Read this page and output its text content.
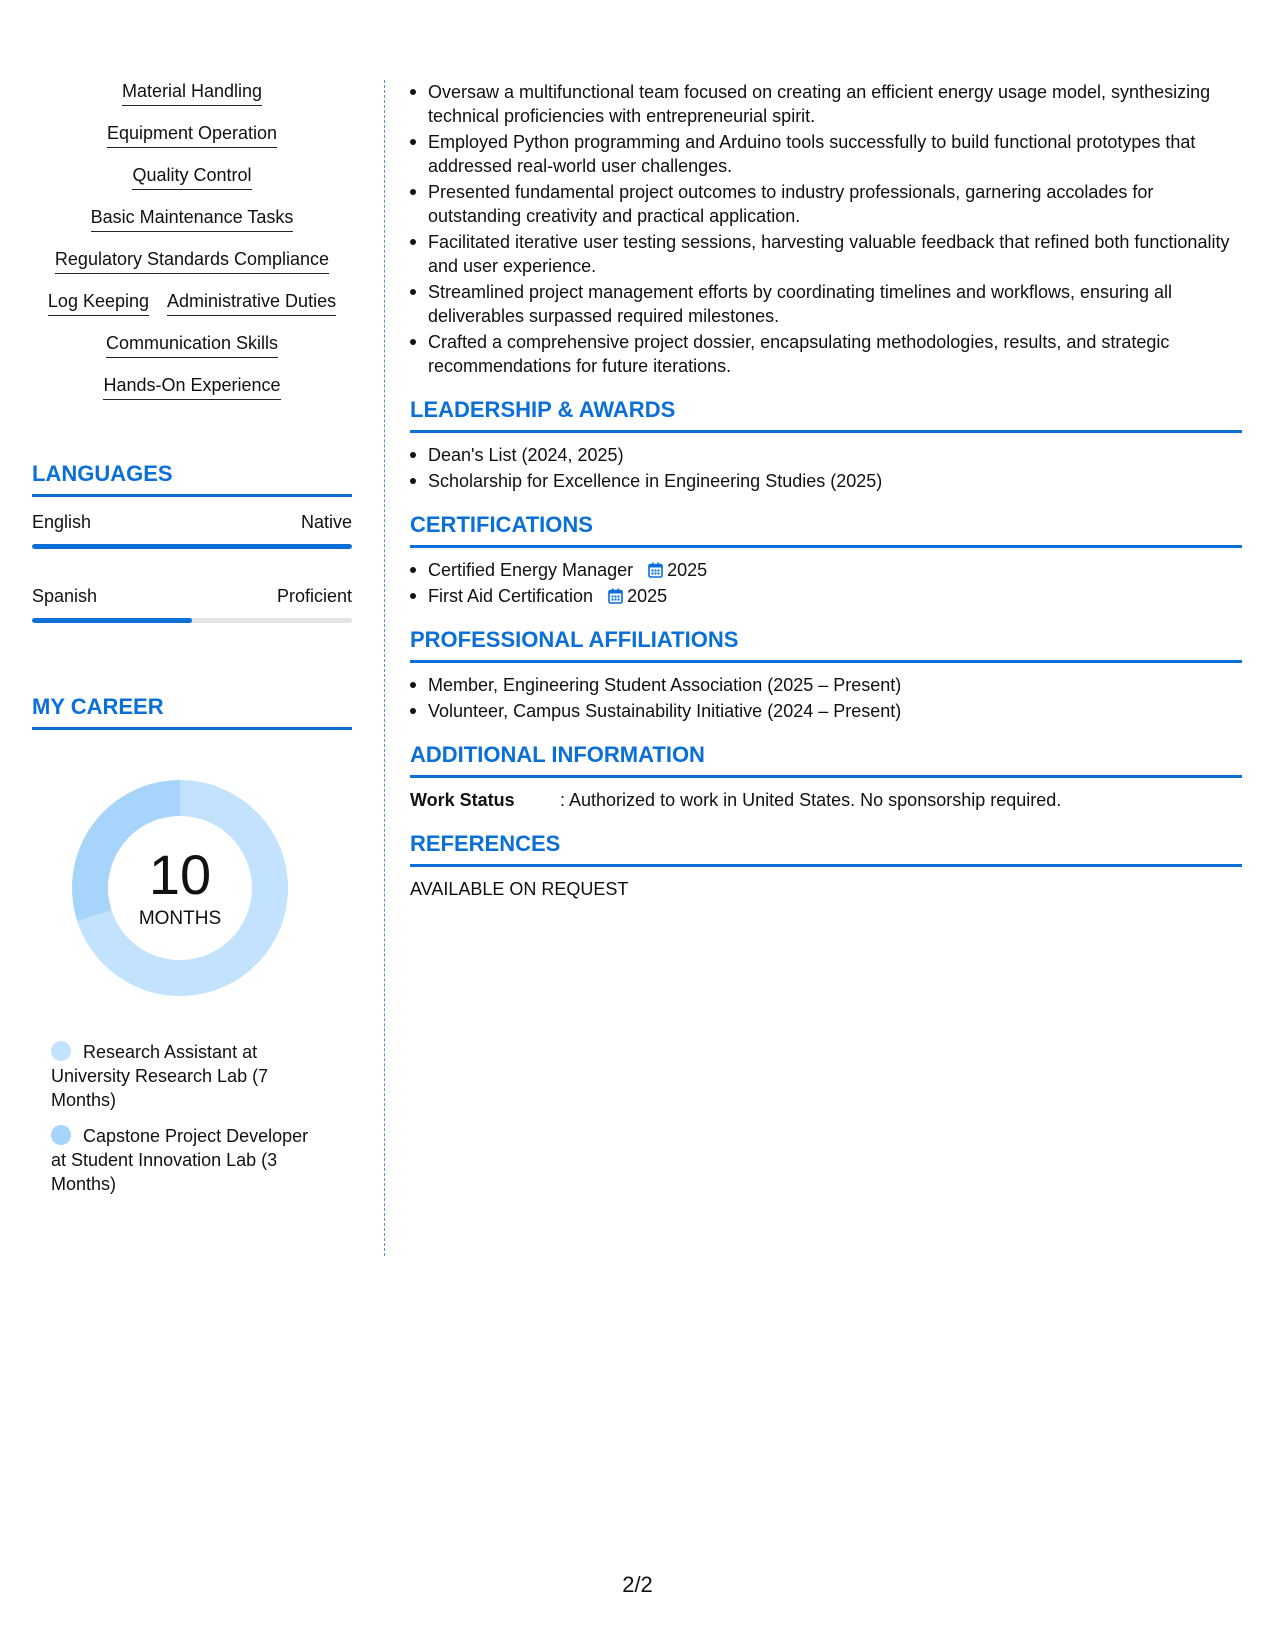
Material Handling
Equipment Operation
Quality Control
Basic Maintenance Tasks
Regulatory Standards Compliance
Log Keeping Administrative Duties
Communication Skills
Hands-On Experience
LANGUAGES
English	Native
Spanish	Proficient
MY CAREER
10
MONTHS
Research Assistant at University Research Lab (7 Months)
Capstone Project Developer at Student Innovation Lab (3 Months)
Oversaw a multifunctional team focused on creating an efficient energy usage model, synthesizing technical proficiencies with entrepreneurial spirit.
Employed Python programming and Arduino tools successfully to build functional prototypes that addressed real-world user challenges.
Presented fundamental project outcomes to industry professionals, garnering accolades for outstanding creativity and practical application.
Facilitated iterative user testing sessions, harvesting valuable feedback that refined both functionality and user experience.
Streamlined project management efforts by coordinating timelines and workflows, ensuring all deliverables surpassed required milestones.
Crafted a comprehensive project dossier, encapsulating methodologies, results, and strategic recommendations for future iterations.
LEADERSHIP & AWARDS
Dean's List (2024, 2025)
Scholarship for Excellence in Engineering Studies (2025)
CERTIFICATIONS
Certified Energy Manager 2025
First Aid Certification 2025
PROFESSIONAL AFFILIATIONS
Member, Engineering Student Association (2025 – Present)
Volunteer, Campus Sustainability Initiative (2024 – Present)
ADDITIONAL INFORMATION
Work Status	: Authorized to work in United States. No sponsorship required.
REFERENCES
AVAILABLE ON REQUEST
2/2
